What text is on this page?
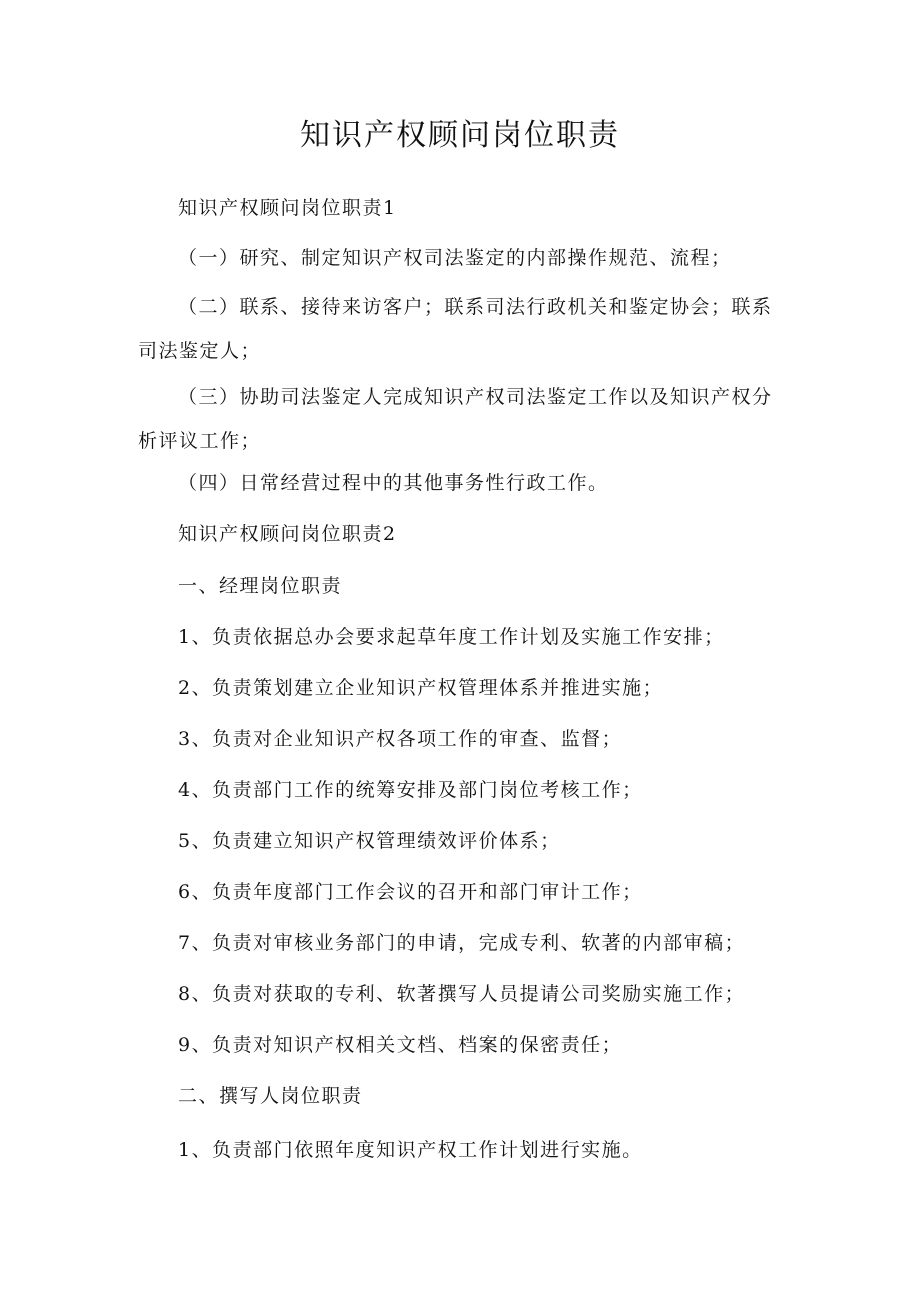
知识产权顾问岗位职责

知识产权顾问岗位职责1

（一）研究、制定知识产权司法鉴定的内部操作规范、流程；

（二）联系、接待来访客户；联系司法行政机关和鉴定协会；联系司法鉴定人；

（三）协助司法鉴定人完成知识产权司法鉴定工作以及知识产权分析评议工作；

（四）日常经营过程中的其他事务性行政工作。

知识产权顾问岗位职责2

一、经理岗位职责

1、负责依据总办会要求起草年度工作计划及实施工作安排；

2、负责策划建立企业知识产权管理体系并推进实施；

3、负责对企业知识产权各项工作的审查、监督；

4、负责部门工作的统筹安排及部门岗位考核工作；

5、负责建立知识产权管理绩效评价体系；

6、负责年度部门工作会议的召开和部门审计工作；

7、负责对审核业务部门的申请，完成专利、软著的内部审稿；

8、负责对获取的专利、软著撰写人员提请公司奖励实施工作；

9、负责对知识产权相关文档、档案的保密责任；

二、撰写人岗位职责

1、负责部门依照年度知识产权工作计划进行实施。
